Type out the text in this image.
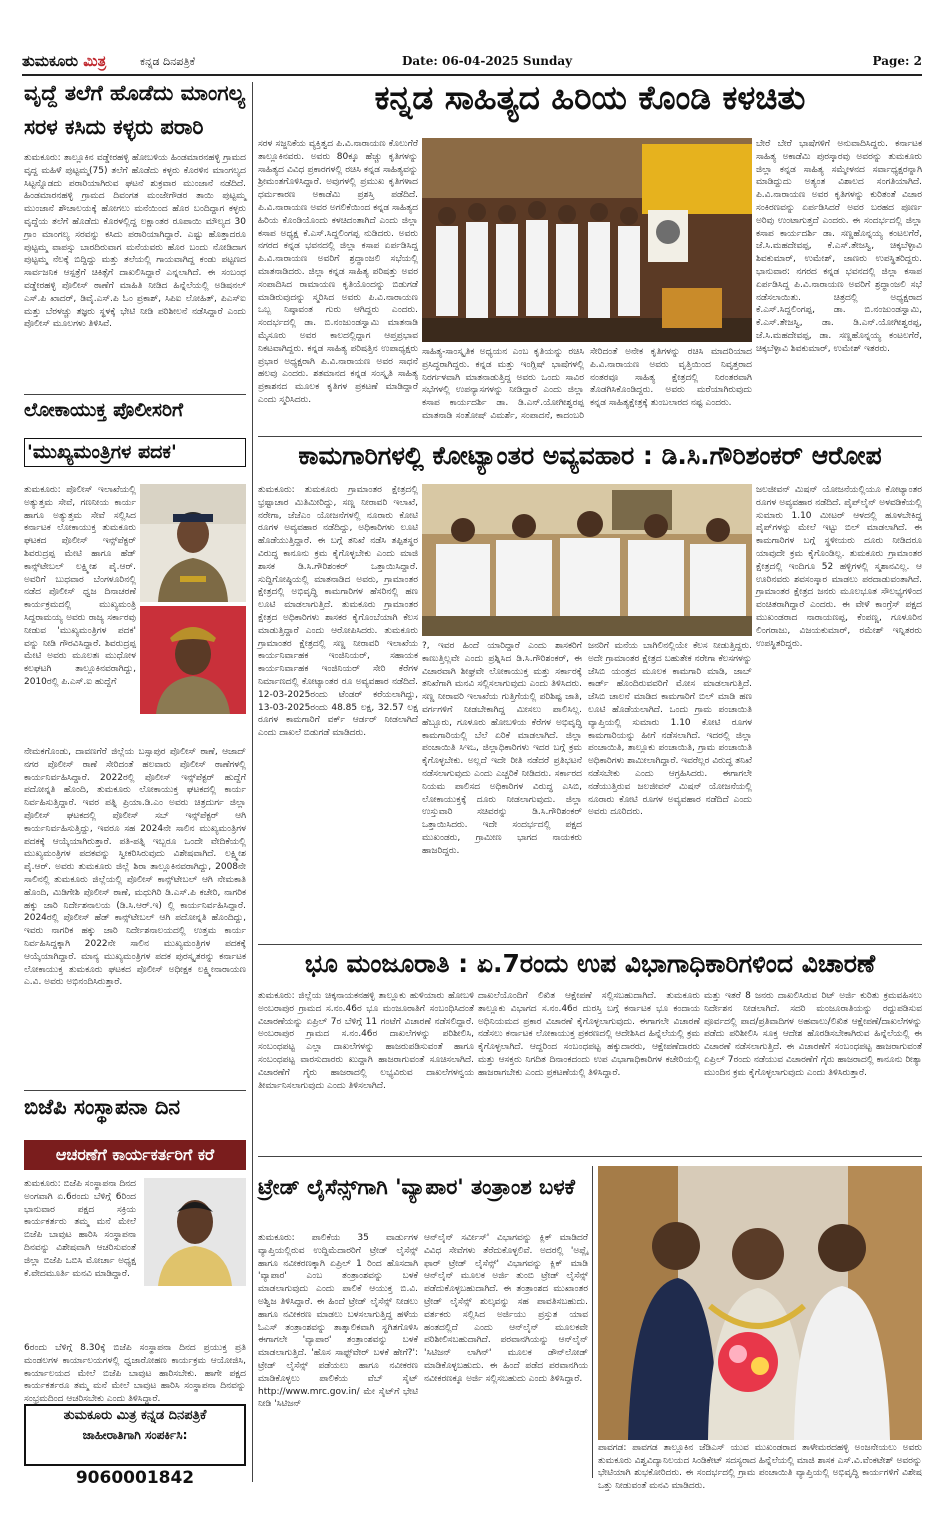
ತುಮಕೂರು ಮಿತ್ರ	ಕನ್ನಡ ದಿನಪತ್ರಿಕೆ	Date: 06-04-2025 Sunday	Page: 2
ವೃದ್ದೆ ತಲೆಗೆ ಹೊಡೆದು ಮಾಂಗಲ್ಯ
ಸರಳ ಕಸಿದು ಕಳ್ಳರು ಪರಾರಿ
ತುಮಕೂರು: ತಾಲ್ಲೂಕಿನ ವಡ್ಡೇರಹಳ್ಳಿ ಹೋಬಳಿಯ ಹಿಂಡಮಾರನಹಳ್ಳಿ ಗ್ರಾಮದ ವೃದ್ದ ಮಹಿಳೆ ಪುಟ್ಟಮ್ಮ(75) ತಲೆಗೆ ಹೊಡೆದು ಕಳ್ಳರು ಕೊರಳಿನ ಮಾಂಗಲ್ಯದ ಸಿಟ್ಟನ್ನೊಡದು ಪರಾರಿಯಾಗಿರುವ ಘಟನೆ ಶುಕ್ರವಾರ ಮುಂಜಾನೆ ನಡೆದಿದೆ. ಹಿಂಡಮಾರನಹಳ್ಳಿ ಗ್ರಾಮದ ದಿವಂಗತ ಮಂಜೇಗೌಡರ ತಾಯಿ ಪುಟ್ಟಮ್ಮ ಮುಂಜಾನೆ ಶೌಚಾಲಯಕ್ಕೆ ಹೋಗಲು ಮನೆಯಿಂದ ಹೊರ ಬಂದಿದ್ದಾಗ ಕಳ್ಳರು ವೃದ್ದೆಯ ತಲೆಗೆ ಹೊಡೆದು ಕೊರಳಲ್ಲಿದ್ದ ಲಕ್ಷಾಂತರ ರೂಪಾಯಿ ಮೌಲ್ಯದ 30 ಗ್ರಾಂ ಮಾಂಗಲ್ಯ ಸರವನ್ನು ಕಸಿದು ಪರಾರಿಯಾಗಿದ್ದಾರೆ. ಎಷ್ಟು ಹೊತ್ತಾದರೂ ಪುಟ್ಟಮ್ಮ ವಾಪಸ್ಸು ಬಾರದಿರುವಾಗ ಮನೆಯವರು ಹೊರ ಬಂದು ನೋಡಿದಾಗ ಪುಟ್ಟಮ್ಮ ನೆಲಕ್ಕೆ ಬಿದ್ದಿದ್ದು ಮತ್ತು ತಲೆಯಲ್ಲಿ ಗಾಯವಾಗಿದ್ದ ಕಂಡು ಪಟ್ಟಣದ ಸಾರ್ವಜನಿಕ ಆಸ್ಪತ್ರೆಗೆ ಚಿಕಿತ್ಸೆಗೆ ದಾಖಲಿಸಿದ್ದಾರೆ ಎನ್ನಲಾಗಿದೆ. ಈ ಸಂಬಂಧ ವಡ್ಡೇರಹಳ್ಳಿ ಪೊಲೀಸ್ ಠಾಣೆಗೆ ಮಾಹಿತಿ ನೀಡಿದ ಹಿನ್ನೆಲೆಯಲ್ಲಿ ಅಡಿಷನಲ್ ಎಸ್.ಪಿ ಖಾದರ್, ಡಿವೈ.ಎಸ್.ಪಿ ಓಂ ಪ್ರಕಾಶ್, ಸಿಪಿಐ ಲೋಹಿತ್, ಪಿಎಸ್ಐ ಮತ್ತು ಬೆರಳಚ್ಚು ತಜ್ಞರು ಸ್ಥಳಕ್ಕೆ ಭೇಟಿ ನೀಡಿ ಪರಿಶೀಲನೆ ನಡೆಸಿದ್ದಾರೆ ಎಂದು ಪೊಲೀಸ್ ಮೂಲಗಳು ತಿಳಿಸಿವೆ.
ಲೋಕಾಯುಕ್ತ ಪೊಲೀಸರಿಗೆ
'ಮುಖ್ಯಮಂತ್ರಿಗಳ ಪದಕ'
ತುಮಕೂರು: ಪೊಲೀಸ್ ಇಲಾಖೆಯಲ್ಲಿ ಅತ್ಯುತ್ತಮ ಸೇವೆ, ಗಣನೀಯ ಕಾರ್ಯ ಹಾಗೂ ಅತ್ಯುತ್ತಮ ಸೇವೆ ಸಲ್ಲಿಸಿದ ಕರ್ನಾಟಕ ಲೋಕಾಯುಕ್ತ ತುಮಕೂರು ಘಟಕದ ಪೊಲೀಸ್ ಇನ್ಸ್‌ಪೆಕ್ಟರ್ ಶಿವರುದ್ರಪ್ಪ ಮೇಟಿ ಹಾಗೂ ಹೆಡ್ ಕಾನ್ಸ್‌ಟೇಬಲ್ ಲಕ್ಷ್ಮೀಶ ಪೈ.ಆರ್. ಅವರಿಗೆ ಬುಧವಾರ ಬೆಂಗಳೂರಿನಲ್ಲಿ ನಡೆದ ಪೊಲೀಸ್ ಧ್ವಜ ದಿನಾಚರಣೆ ಕಾರ್ಯಕ್ರಮದಲ್ಲಿ ಮುಖ್ಯಮಂತ್ರಿ ಸಿದ್ದರಾಮಯ್ಯ ಅವರು ರಾಜ್ಯ ಸರ್ಕಾರವು ನೀಡುವ 'ಮುಖ್ಯಮಂತ್ರಿಗಳ ಪದಕ' ವನ್ನು ನೀಡಿ ಗೌರವಿಸಿದ್ದಾರೆ. ಶಿವರುದ್ರಪ್ಪ ಮೇಟಿ ಅವರು ಮೂಲತಃ ಮುಧೋಳ ಕಲಘಟಗಿ ತಾಲ್ಲೂಕಿನವರಾಗಿದ್ದು, 2010ರಲ್ಲಿ ಪಿ.ಎಸ್.ಐ ಹುದ್ದೆಗೆ
ನೇಮಕಗೊಂಡು, ದಾವಣಗೆರೆ ಜಿಲ್ಲೆಯ ಬಸ್ಸಾಪುರ ಪೊಲೀಸ್ ಠಾಣೆ, ಆಜಾದ್ ನಗರ ಪೊಲೀಸ್ ಠಾಣೆ ಸೇರಿದಂತೆ ಹಲವಾರು ಪೊಲೀಸ್ ಠಾಣೆಗಳಲ್ಲಿ ಕಾರ್ಯನಿರ್ವಹಿಸಿದ್ದಾರೆ. 2022ರಲ್ಲಿ ಪೊಲೀಸ್ ಇನ್ಸ್‌ಪೆಕ್ಟರ್ ಹುದ್ದೆಗೆ ಪದೋನ್ನತಿ ಹೊಂದಿ, ತುಮಕೂರು ಲೋಕಾಯುಕ್ತ ಘಟಕದಲ್ಲಿ ಕಾರ್ಯ ನಿರ್ವಹಿಸುತ್ತಿದ್ದಾರೆ. ಇವರ ಪತ್ನಿ ಪ್ರಿಯಾ.ಡಿ.ಎಂ ಅವರು ಚಿತ್ರದುರ್ಗ ಜಿಲ್ಲಾ ಪೊಲೀಸ್ ಘಟಕದಲ್ಲಿ ಪೊಲೀಸ್ ಸಬ್ ಇನ್ಸ್‌ಪೆಕ್ಟರ್ ಆಗಿ ಕಾರ್ಯನಿರ್ವಹಿಸುತ್ತಿದ್ದು, ಇವರೂ ಸಹ 2024ನೇ ಸಾಲಿನ ಮುಖ್ಯಮಂತ್ರಿಗಳ ಪದಕಕ್ಕೆ ಆಯ್ಕೆಯಾಗಿರುತ್ತಾರೆ. ಪತಿ-ಪತ್ನಿ ಇಬ್ಬರೂ ಒಂದೇ ವೇದಿಕೆಯಲ್ಲಿ ಮುಖ್ಯಮಂತ್ರಿಗಳ ಪದಕವನ್ನು ಸ್ವೀಕರಿಸಿರುವುದು ವಿಶೇಷವಾಗಿದೆ. ಲಕ್ಷ್ಮೀಶ ಪೈ.ಆರ್. ಅವರು ತುಮಕೂರು ಜಿಲ್ಲೆ ಶಿರಾ ತಾಲ್ಲೂಕಿನವರಾಗಿದ್ದು, 2008ನೇ ಸಾಲಿನಲ್ಲಿ ತುಮಕೂರು ಜಿಲ್ಲೆಯಲ್ಲಿ ಪೊಲೀಸ್ ಕಾನ್ಸ್‌ಟೇಬಲ್ ಆಗಿ ನೇಮಕಾತಿ ಹೊಂದಿ, ಮಿಡಿಗೇಶಿ ಪೊಲೀಸ್ ಠಾಣೆ, ಮಧುಗಿರಿ ಡಿ.ಎಸ್.ಪಿ ಕಚೇರಿ, ನಾಗರಿಕ ಹಕ್ಕು ಜಾರಿ ನಿರ್ದೇಶನಾಲಯ (ಡಿ.ಸಿ.ಆರ್.ಇ) ಲ್ಲಿ ಕಾರ್ಯನಿರ್ವಹಿಸಿದ್ದಾರೆ. 2024ರಲ್ಲಿ ಪೊಲೀಸ್ ಹೆಡ್ ಕಾನ್ಸ್‌ಟೇಬಲ್ ಆಗಿ ಪದೋನ್ನತಿ ಹೊಂದಿದ್ದು, ಇವರು ನಾಗರಿಕ ಹಕ್ಕು ಜಾರಿ ನಿರ್ದೇಶನಾಲಯದಲ್ಲಿ ಉತ್ತಮ ಕಾರ್ಯ ನಿರ್ವಹಿಸಿದ್ದಕ್ಕಾಗಿ 2022ನೇ ಸಾಲಿನ ಮುಖ್ಯಮಂತ್ರಿಗಳ ಪದಕಕ್ಕೆ ಆಯ್ಕೆಯಾಗಿದ್ದಾರೆ. ಮಾನ್ಯ ಮುಖ್ಯಮಂತ್ರಿಗಳ ಪದಕ ಪುರಸ್ಕೃತರನ್ನು ಕರ್ನಾಟಕ ಲೋಕಾಯುಕ್ತ ತುಮಕೂರು ಘಟಕದ ಪೊಲೀಸ್ ಅಧೀಕ್ಷಕ ಲಕ್ಷ್ಮೀನಾರಾಯಣ ಎ.ವಿ. ಅವರು ಅಭಿನಂದಿಸಿರುತ್ತಾರೆ.
ಬಿಜೆಪಿ ಸಂಸ್ಥಾಪನಾ ದಿನ
ಆಚರಣೆಗೆ ಕಾರ್ಯಕರ್ತರಿಗೆ ಕರೆ
ತುಮಕೂರು: ಬಿಜೆಪಿ ಸಂಸ್ಥಾಪನಾ ದಿನದ ಅಂಗವಾಗಿ ಏ.6ರಂದು ಬೆಳಿಗ್ಗೆ 6ರಿಂದ ಭಾನುವಾರ ಪಕ್ಷದ ಸಕ್ರಿಯ ಕಾರ್ಯಕರ್ತರು ತಮ್ಮ ಮನೆ ಮೇಲೆ ಬಿಜೆಪಿ ಬಾವುಟ ಹಾರಿಸಿ ಸಂಸ್ಥಾಪನಾ ದಿನವನ್ನು ವಿಶೇಷವಾಗಿ ಆಚರಿಸುವಂತೆ ಜಿಲ್ಲಾ ಬಿಜೆಪಿ ಒಬಿಸಿ ಮೋರ್ಚಾ ಅಧ್ಯಕ್ಷ ಕೆ.ವೇದಮೂರ್ತಿ ಮನವಿ ಮಾಡಿದ್ದಾರೆ.
6ರಂದು ಬೆಳಿಗ್ಗೆ 8.30ಕ್ಕೆ ಬಿಜೆಪಿ ಸಂಸ್ಥಾಪನಾ ದಿನದ ಪ್ರಯುಕ್ತ ಪ್ರತಿ ಮಂಡಲಗಳ ಕಾರ್ಯಾಲಯಗಳಲ್ಲಿ ಧ್ವಜಾರೋಹಣ ಕಾರ್ಯಕ್ರಮ ಆಯೋಜಿಸಿ, ಕಾರ್ಯಾಲಯದ ಮೇಲೆ ಬಿಜೆಪಿ ಬಾವುಟ ಹಾರಿಸಬೇಕು. ಹಾಗೇ ಪಕ್ಷದ ಕಾರ್ಯಕರ್ತರೂ ತಮ್ಮ ಮನೆ ಮೇಲೆ ಬಾವುಟ ಹಾರಿಸಿ ಸಂಸ್ಥಾಪನಾ ದಿನವನ್ನು ಸಂಭ್ರಮದಿಂದ ಆಚರಿಸಬೇಕು ಎಂದು ತಿಳಿಸಿದ್ದಾರೆ.
ತುಮಕೂರು ಮಿತ್ರ ಕನ್ನಡ ದಿನಪತ್ರಿಕೆ
ಜಾಹೀರಾತಿಗಾಗಿ ಸಂಪರ್ಕಿಸಿ:
9060001842
ಕನ್ನಡ ಸಾಹಿತ್ಯದ ಹಿರಿಯ ಕೊಂಡಿ ಕಳಚಿತು
ಸರಳ ಸಜ್ಜನಿಕೆಯ ವ್ಯಕ್ತಿತ್ವದ ಪಿ.ವಿ.ನಾರಾಯಣ ಕೊಲುಗೆರೆ ತಾಲ್ಲೂಕಿನವರು. ಅವರು 80ಕ್ಕೂ ಹೆಚ್ಚು ಕೃತಿಗಳನ್ನು ಸಾಹಿತ್ಯದ ವಿವಿಧ ಪ್ರಕಾರಗಳಲ್ಲಿ ರಚಿಸಿ ಕನ್ನಡ ಸಾಹಿತ್ಯವನ್ನು ಶ್ರೀಮಂತಗೊಳಿಸಿದ್ದಾರೆ. ಅವುಗಳಲ್ಲಿ ಪ್ರಮುಖ ಕೃತಿಗಳಾದ ಧರ್ಮಕಾರಣ ಅಕಾಡೆಮಿ ಪ್ರಶಸ್ತಿ ಪಡೆದಿದೆ. ಪಿ.ವಿ.ನಾರಾಯಣ ಅವರ ಅಗಲಿಕೆಯಿಂದ ಕನ್ನಡ ಸಾಹಿತ್ಯದ ಹಿರಿಯ ಕೊಂಡಿಯೊಂದು ಕಳಚಿದಂತಾಗಿದೆ ಎಂದು ಜಿಲ್ಲಾ ಕಸಾಪ ಅಧ್ಯಕ್ಷ ಕೆ.ಎಸ್.ಸಿದ್ದಲಿಂಗಪ್ಪ ನುಡಿದರು. ಅವರು ನಗರದ ಕನ್ನಡ ಭವನದಲ್ಲಿ ಜಿಲ್ಲಾ ಕಸಾಪ ಏರ್ಪಡಿಸಿದ್ದ ಪಿ.ವಿ.ನಾರಾಯಣ ಅವರಿಗೆ ಶ್ರದ್ಧಾಂಜಲಿ ಸಭೆಯಲ್ಲಿ ಮಾತನಾಡಿದರು. ಜಿಲ್ಲಾ ಕನ್ನಡ ಸಾಹಿತ್ಯ ಪರಿಷತ್ತು ಅವರ ಸಂಪಾದಿಸಿದ ರಾಮಾಯಣ ಕೃತಿಯೊಂದನ್ನು ಬಿಡುಗಡೆ ಮಾಡಿರುವುದನ್ನು ಸ್ಮರಿಸಿದ ಅವರು ಪಿ.ವಿ.ನಾರಾಯಣ ಒಬ್ಬ ನಿಷ್ಠಾವಂತ ಗುರು ಆಗಿದ್ದರು ಎಂದರು. ಸಂದರ್ಭದಲ್ಲಿ ಡಾ. ಬಿ.ನಂಜುಂಡಸ್ವಾಮಿ ಮಾತನಾಡಿ ಮೈಸೂರು ಅವರ ಕಾಲದಲ್ಲಿದ್ದಾಗ ಆಪ್ತಪ್ರಭಾವ ನಿಕಟವಾಗಿದ್ದರು. ಕನ್ನಡ ಸಾಹಿತ್ಯ ಪರಿಷತ್ತಿನ ಉಪಾಧ್ಯಕ್ಷರು ಪ್ರಭಾರ ಅಧ್ಯಕ್ಷರಾಗಿ ಪಿ.ವಿ.ನಾರಾಯಣ ಅವರ ಸಾಧನೆ ಹಲವು ಎಂದರು. ಶತಮಾನದ ಕನ್ನಡ ಸಂಸ್ಕೃತಿ ಸಾಹಿತ್ಯ ಪ್ರಕಾಶನದ ಮೂಲಕ ಕೃತಿಗಳ ಪ್ರಕಟಣೆ ಮಾಡಿದ್ದಾರೆ ಎಂದು ಸ್ಮರಿಸಿದರು.
ಸಾಹಿತ್ಯ-ಸಾಂಸ್ಕೃತಿಕ ಅಧ್ಯಯನ ಎಂಬ ಕೃತಿಯನ್ನು ರಚಿಸಿ ಪ್ರಸಿದ್ಧರಾಗಿದ್ದರು. ಕನ್ನಡ ಮತ್ತು ಇಂಗ್ಲಿಷ್ ಭಾಷೆಗಳಲ್ಲಿ ನಿರರ್ಗಳವಾಗಿ ಮಾತನಾಡುತ್ತಿದ್ದ ಅವರು ಒಂದು ಸಾವಿರ ಸಭೆಗಳಲ್ಲಿ ಉಪನ್ಯಾಸಗಳನ್ನು ನೀಡಿದ್ದಾರೆ ಎಂದು ಜಿಲ್ಲಾ ಕಸಾಪ ಕಾರ್ಯದರ್ಶಿ ಡಾ. ಡಿ.ಎನ್.ಯೋಗೀಶ್ವರಪ್ಪ ಮಾತನಾಡಿ ಸಂತೋಷ್ ವಿಮರ್ಶೆ, ಸಂಪಾದನೆ, ಕಾದಂಬರಿ ಸೇರಿದಂತೆ ಅನೇಕ ಕೃತಿಗಳನ್ನು ರಚಿಸಿ ಮಾದರಿಯಾದ ಪಿ.ವಿ.ನಾರಾಯಣ ಅವರು ವೃತ್ತಿಯಿಂದ ನಿವೃತ್ತರಾದ ನಂತರವೂ ಸಾಹಿತ್ಯ ಕ್ಷೇತ್ರದಲ್ಲಿ ನಿರಂತರವಾಗಿ ತೊಡಗಿಸಿಕೊಂಡಿದ್ದರು. ಅವರು ಮರೆಯಾಗಿರುವುದು ಕನ್ನಡ ಸಾಹಿತ್ಯಕ್ಷೇತ್ರಕ್ಕೆ ತುಂಬಲಾರದ ನಷ್ಟ ಎಂದರು.
ಬೇರೆ ಬೇರೆ ಭಾಷೆಗಳಿಗೆ ಅನುವಾದಿಸಿದ್ದರು. ಕರ್ನಾಟಕ ಸಾಹಿತ್ಯ ಅಕಾಡೆಮಿ ಪುರಸ್ಕಾರವು ಅವರನ್ನು ತುಮಕೂರು ಜಿಲ್ಲಾ ಕನ್ನಡ ಸಾಹಿತ್ಯ ಸಮ್ಮೇಳನದ ಸರ್ವಾಧ್ಯಕ್ಷರನ್ನಾಗಿ ಮಾಡಿದ್ದುದು ಅತ್ಯಂತ ವಿಶಾಲದ ಸಂಗತಿಯಾಗಿದೆ. ಪಿ.ವಿ.ನಾರಾಯಣ ಅವರ ಕೃತಿಗಳನ್ನು ಕುರಿತಂತೆ ವಿಚಾರ ಸಂಕಿರಣವನ್ನು ಏರ್ಪಡಿಸಿದರೆ ಅವರ ಬರಹದ ಪೂರ್ಣ ಅರಿವು ಉಂಟಾಗುತ್ತದೆ ಎಂದರು. ಈ ಸಂದರ್ಭದಲ್ಲಿ ಜಿಲ್ಲಾ ಕಸಾಪ ಕಾರ್ಯದರ್ಶಿ ಡಾ. ಸಣ್ಣಹೊನ್ನಯ್ಯ ಕಂಟಲಗೆರೆ, ಜೆ.ಸಿ.ಮಹದೇವಪ್ಪ, ಕೆ.ಎಸ್.ತೇಜಸ್ವಿ, ಚಿಕ್ಕಬೆಳ್ಳಾವಿ ಶಿವಕುಮಾರ್, ಉಮೇಶ್, ಜಾಣರು ಉಪಸ್ಥಿತರಿದ್ದರು. ಭಾನುವಾರ: ನಗರದ ಕನ್ನಡ ಭವನದಲ್ಲಿ ಜಿಲ್ಲಾ ಕಸಾಪ ಏರ್ಪಡಿಸಿದ್ದ ಪಿ.ವಿ.ನಾರಾಯಣ ಅವರಿಗೆ ಶ್ರದ್ಧಾಂಜಲಿ ಸಭೆ ನಡೆಸಲಾಯಿತು. ಚಿತ್ರದಲ್ಲಿ ಅಧ್ಯಕ್ಷರಾದ ಕೆ.ಎಸ್.ಸಿದ್ದಲಿಂಗಪ್ಪ, ಡಾ. ಬಿ.ನಂಜುಂಡಸ್ವಾಮಿ, ಕೆ.ಎಸ್.ತೇಜಸ್ವಿ, ಡಾ. ಡಿ.ಎನ್.ಯೋಗೀಶ್ವರಪ್ಪ, ಜೆ.ಸಿ.ಮಹದೇವಪ್ಪ, ಡಾ. ಸಣ್ಣಹೊನ್ನಯ್ಯ ಕಂಟಲಗೆರೆ, ಚಿಕ್ಕಬೆಳ್ಳಾವಿ ಶಿವಕುಮಾರ್, ಉಮೇಶ್ ಇತರರು.
ಕಾಮಗಾರಿಗಳಲ್ಲಿ ಕೋಟ್ಯಾಂತರ ಅವ್ಯವಹಾರ : ಡಿ.ಸಿ.ಗೌರಿಶಂಕರ್ ಆರೋಪ
ತುಮಕೂರು: ತುಮಕೂರು ಗ್ರಾಮಾಂತರ ಕ್ಷೇತ್ರದಲ್ಲಿ ಭ್ರಷ್ಟಾಚಾರ ಮಿತಿಮೀರಿದ್ದು, ಸಣ್ಣ ನೀರಾವರಿ ಇಲಾಖೆ, ನರೇಗಾ, ಜೆಜೆಎಂ ಯೋಜನೆಗಳಲ್ಲಿ ನೂರಾರು ಕೋಟಿ ರೂಗಳ ಅವ್ಯವಹಾರ ನಡೆದಿದ್ದು, ಅಧಿಕಾರಿಗಳು ಲೂಟಿ ಹೊಡೆಯುತ್ತಿದ್ದಾರೆ. ಈ ಬಗ್ಗೆ ತನಿಖೆ ನಡೆಸಿ ತಪ್ಪಿತಸ್ಥರ ವಿರುದ್ಧ ಕಾನೂನು ಕ್ರಮ ಕೈಗೊಳ್ಳಬೇಕು ಎಂದು ಮಾಜಿ ಶಾಸಕ ಡಿ.ಸಿ.ಗೌರಿಶಂಕರ್ ಒತ್ತಾಯಿಸಿದ್ದಾರೆ. ಸುದ್ದಿಗೋಷ್ಠಿಯಲ್ಲಿ ಮಾತನಾಡಿದ ಅವರು, ಗ್ರಾಮಾಂತರ ಕ್ಷೇತ್ರದಲ್ಲಿ ಅಭಿವೃದ್ಧಿ ಕಾಮಗಾರಿಗಳ ಹೆಸರಿನಲ್ಲಿ ಹಣ ಲೂಟಿ ಮಾಡಲಾಗುತ್ತಿದೆ. ತುಮಕೂರು ಗ್ರಾಮಾಂತರ ಕ್ಷೇತ್ರದ ಅಧಿಕಾರಿಗಳು ಶಾಸಕರ ಕೈಗೊಂಬೆಯಾಗಿ ಕೆಲಸ ಮಾಡುತ್ತಿದ್ದಾರೆ ಎಂದು ಆರೋಪಿಸಿದರು. ತುಮಕೂರು ಗ್ರಾಮಾಂತರ ಕ್ಷೇತ್ರದಲ್ಲಿ ಸಣ್ಣ ನೀರಾವರಿ ಇಲಾಖೆಯ ಕಾರ್ಯನಿರ್ವಾಹಕ ಇಂಜಿನಿಯರ್, ಸಹಾಯಕ ಕಾರ್ಯನಿರ್ವಾಹಕ ಇಂಜಿನಿಯರ್ ಸೇರಿ ಕೆರೆಗಳ ನಿರ್ಮಾಣದಲ್ಲಿ ಕೋಟ್ಯಾಂತರ ರೂ ಅವ್ಯವಹಾರ ನಡೆದಿದೆ. 12-03-2025ರಂದು ಟೆಂಡರ್ ಕರೆಯಲಾಗಿದ್ದು, 13-03-2025ರಂದು 48.85 ಲಕ್ಷ, 32.57 ಲಕ್ಷ ರೂಗಳ ಕಾಮಗಾರಿಗೆ ವರ್ಕ್ ಆರ್ಡರ್ ನೀಡಲಾಗಿದೆ ಎಂದು ದಾಖಲೆ ಬಿಡುಗಡೆ ಮಾಡಿದರು.
?, ಇವರ ಹಿಂದೆ ಯಾರಿದ್ದಾರೆ ಎಂದು ಶಾಸಕರಿಗೆ ಕಾಣುತ್ತಿಲ್ಲವೇ ಎಂದು ಪ್ರಶ್ನಿಸಿದ ಡಿ.ಸಿ.ಗೌರಿಶಂಕರ್, ಈ ವಿಚಾರವಾಗಿ ಶೀಘ್ರವೇ ಲೋಕಾಯುಕ್ತ ಮತ್ತು ಸರ್ಕಾರಕ್ಕೆ ತನಿಖೆಗಾಗಿ ಮನವಿ ಸಲ್ಲಿಸಲಾಗುವುದು ಎಂದು ತಿಳಿಸಿದರು. ಸಣ್ಣ ನೀರಾವರಿ ಇಲಾಖೆಯ ಗುತ್ತಿಗೆಯಲ್ಲಿ ಪರಿಶಿಷ್ಟ ಜಾತಿ, ವರ್ಗಗಳಿಗೆ ನೀಡಬೇಕಾಗಿದ್ದ ಮೀಸಲು ಪಾಲಿಸಿಲ್ಲ. ಹೆಬ್ಬೂರು, ಗೂಳೂರು ಹೋಬಳಿಯ ಕೆರೆಗಳ ಅಭಿವೃದ್ಧಿ ಕಾಮಗಾರಿಯಲ್ಲಿ ಬೆಲೆ ಏರಿಕೆ ಮಾಡಲಾಗಿದೆ. ಜಿಲ್ಲಾ ಪಂಚಾಯಿತಿ ಸಿಇಒ, ಜಿಲ್ಲಾಧಿಕಾರಿಗಳು ಇದರ ಬಗ್ಗೆ ಕ್ರಮ ಕೈಗೊಳ್ಳಬೇಕು. ಅಲ್ಲದೆ ಇದೇ ರೀತಿ ನಡೆದರೆ ಪ್ರತಿಭಟನೆ ನಡೆಸಲಾಗುವುದು ಎಂದು ಎಚ್ಚರಿಕೆ ನೀಡಿದರು. ಸರ್ಕಾರದ ನಿಯಮ ಪಾಲಿಸದ ಅಧಿಕಾರಿಗಳ ವಿರುದ್ಧ ಎಸಿಬಿ, ಲೋಕಾಯುಕ್ತಕ್ಕೆ ದೂರು ನೀಡಲಾಗುವುದು. ಜಿಲ್ಲಾ ಉಸ್ತುವಾರಿ ಸಚಿವರನ್ನು ಡಿ.ಸಿ.ಗೌರಿಶಂಕರ್ ಒತ್ತಾಯಿಸಿದರು. ಇದೇ ಸಂದರ್ಭದಲ್ಲಿ ಪಕ್ಷದ ಮುಖಂಡರು, ಗ್ರಾಮೀಣ ಭಾಗದ ನಾಯಕರು ಹಾಜರಿದ್ದರು.
ಜನರಿಗೆ ಮನೆಯ ಬಾಗಿಲಿನಲ್ಲಿಯೇ ಕೆಲಸ ನೀಡುತ್ತಿದ್ದರು. ಅದೇ ಗ್ರಾಮಾಂತರ ಕ್ಷೇತ್ರದ ಬಹುತೇಕ ನರೇಗಾ ಕೆಲಸಗಳನ್ನು ಜೆಸಿಬಿ ಯಂತ್ರದ ಮೂಲಕ ಕಾಮಗಾರಿ ಮಾಡಿ, ಜಾಬ್ ಕಾರ್ಡ್ ಹೊಂದಿರುವವರಿಗೆ ಮೋಸ ಮಾಡಲಾಗುತ್ತಿದೆ. ಜೆಸಿಬಿ ಚಾಲನೆ ಮಾಡಿದ ಕಾಮಗಾರಿಗೆ ಬಿಲ್ ಮಾಡಿ ಹಣ ಲೂಟಿ ಹೊಡೆಯಲಾಗಿದೆ. ಒಂದು ಗ್ರಾಮ ಪಂಚಾಯಿತಿ ವ್ಯಾಪ್ತಿಯಲ್ಲಿ ಸುಮಾರು 1.10 ಕೋಟಿ ರೂಗಳ ಕಾಮಗಾರಿಯನ್ನು ಹೀಗೆ ನಡೆಸಲಾಗಿದೆ. ಇದರಲ್ಲಿ ಜಿಲ್ಲಾ ಪಂಚಾಯಿತಿ, ತಾಲ್ಲೂಕು ಪಂಚಾಯಿತಿ, ಗ್ರಾಮ ಪಂಚಾಯಿತಿ ಅಧಿಕಾರಿಗಳು ಶಾಮೀಲಾಗಿದ್ದಾರೆ. ಇವರೆಲ್ಲರ ವಿರುದ್ಧ ತನಿಖೆ ನಡೆಸಬೇಕು ಎಂದು ಆಗ್ರಹಿಸಿದರು. ಈಗಾಗಲೇ ನಡೆಯುತ್ತಿರುವ ಜಲಜೀವನ್ ಮಿಷನ್ ಯೋಜನೆಯಲ್ಲಿ ನೂರಾರು ಕೋಟಿ ರೂಗಳ ಅವ್ಯವಹಾರ ನಡೆದಿದೆ ಎಂದು ಅವರು ದೂರಿದರು.
ಜಲಜೀವನ್ ಮಿಷನ್ ಯೋಜನೆಯಲ್ಲಿಯೂ ಕೋಟ್ಯಾಂತರ ರೂಗಳ ಅವ್ಯವಹಾರ ನಡೆದಿದೆ. ಪೈಪ್‌ಲೈನ್ ಅಳವಡಿಕೆಯಲ್ಲಿ ಸುಮಾರು 1.10 ಮೀಟರ್ ಆಳದಲ್ಲಿ ಹೂಳಬೇಕಿದ್ದ ಪೈಪ್‌ಗಳನ್ನು ಮೇಲೆ ಇಟ್ಟು ಬಿಲ್ ಮಾಡಲಾಗಿದೆ. ಈ ಕಾಮಗಾರಿಗಳ ಬಗ್ಗೆ ಸ್ಥಳೀಯರು ದೂರು ನೀಡಿದರೂ ಯಾವುದೇ ಕ್ರಮ ಕೈಗೊಂಡಿಲ್ಲ. ತುಮಕೂರು ಗ್ರಾಮಾಂತರ ಕ್ಷೇತ್ರದಲ್ಲಿ ಇಂದಿಗೂ 52 ಹಳ್ಳಿಗಳಲ್ಲಿ ಸ್ಮಶಾನವಿಲ್ಲ. ಆ ಊರಿನವರು ಶವಸಂಸ್ಕಾರ ಮಾಡಲು ಪರದಾಡುವಂತಾಗಿದೆ. ಗ್ರಾಮಾಂತರ ಕ್ಷೇತ್ರದ ಜನರು ಮೂಲಭೂತ ಸೌಲಭ್ಯಗಳಿಂದ ವಂಚಿತರಾಗಿದ್ದಾರೆ ಎಂದರು. ಈ ವೇಳೆ ಕಾಂಗ್ರೆಸ್ ಪಕ್ಷದ ಮುಖಂಡರಾದ ನಾರಾಯಣಪ್ಪ, ಕೆಂಪಣ್ಣ, ಗೂಳೂರಿನ ಲಿಂಗರಾಜು, ವಿಜಯಕುಮಾರ್, ರಮೇಶ್ ಇನ್ನಿತರರು ಉಪಸ್ಥಿತರಿದ್ದರು.
ಭೂ ಮಂಜೂರಾತಿ : ಏ.7ರಂದು ಉಪ ವಿಭಾಗಾಧಿಕಾರಿಗಳಿಂದ ವಿಚಾರಣೆ
ತುಮಕೂರು: ಜಿಲ್ಲೆಯ ಚಿಕ್ಕನಾಯಕನಹಳ್ಳಿ ತಾಲ್ಲೂಕು ಹುಳಿಯಾರು ಹೋಬಳಿ ಅಂಬರಾಪುರ ಗ್ರಾಮದ ಸ.ನಂ.46ರ ಭೂ ಮಂಜೂರಾತಿಗೆ ಸಂಬಂಧಿಸಿದಂತೆ ವಿಚಾರಣೆಯನ್ನು ಏಪ್ರಿಲ್ 7ರ ಬೆಳಿಗ್ಗೆ 11 ಗಂಟೆಗೆ ವಿಚಾರಣೆ ನಡೆಸಲಿದ್ದಾರೆ. ಅಂಬರಾಪುರ ಗ್ರಾಮದ ಸ.ನಂ.46ರ ದಾಖಲೆಗಳನ್ನು ಪರಿಶೀಲಿಸಿ, ಸಂಬಂಧಪಟ್ಟ ಎಲ್ಲಾ ದಾಖಲೆಗಳನ್ನು ಹಾಜರುಪಡಿಸುವಂತೆ ಹಾಗೂ ಸಂಬಂಧಪಟ್ಟ ವಾರಸುದಾರರು ಖುದ್ದಾಗಿ ಹಾಜರಾಗುವಂತೆ ಸೂಚಿಸಲಾಗಿದೆ. ವಿಚಾರಣೆಗೆ ಗೈರು ಹಾಜರಾದಲ್ಲಿ ಲಭ್ಯವಿರುವ ದಾಖಲೆಗಳನ್ವಯ ತೀರ್ಮಾನಿಸಲಾಗುವುದು ಎಂದು ತಿಳಿಸಲಾಗಿದೆ.
ದಾಖಲೆಯೊಂದಿಗೆ ಲಿಖಿತ ಆಕ್ಷೇಪಣೆ ಸಲ್ಲಿಸಬಹುದಾಗಿದೆ. ತುಮಕೂರು ತಾಲ್ಲೂಕು ವಿಭಾಗದ ಸ.ನಂ.46ರ ದುರಸ್ತಿ ಬಗ್ಗೆ ಕರ್ನಾಟಕ ಭೂ ಕಂದಾಯ ಅಧಿನಿಯಮದ ಪ್ರಕಾರ ವಿಚಾರಣೆ ಕೈಗೊಳ್ಳಲಾಗುವುದು. ಈಗಾಗಲೇ ವಿಚಾರಣೆ ನಡೆಸಲು ಕರ್ನಾಟಕ ಲೋಕಾಯುಕ್ತ ಪ್ರಕರಣದಲ್ಲಿ ಆದೇಶಿಸಿದ ಹಿನ್ನೆಲೆಯಲ್ಲಿ ಕ್ರಮ ಕೈಗೊಳ್ಳಲಾಗಿದೆ. ಆದ್ದರಿಂದ ಸಂಬಂಧಪಟ್ಟ ಹಕ್ಕುದಾರರು, ಆಕ್ಷೇಪಣೆದಾರರು ಮತ್ತು ಆಸಕ್ತರು ನಿಗದಿತ ದಿನಾಂಕದಂದು ಉಪ ವಿಭಾಗಾಧಿಕಾರಿಗಳ ಕಚೇರಿಯಲ್ಲಿ ಹಾಜರಾಗಬೇಕು ಎಂದು ಪ್ರಕಟಣೆಯಲ್ಲಿ ತಿಳಿಸಿದ್ದಾರೆ.
ಮತ್ತು ಇತರೆ 8 ಜನರು ದಾಖಲಿಸಿರುವ ರಿಟ್ ಅರ್ಜಿ ಕುರಿತು ಕ್ರಮವಹಿಸಲು ನಿರ್ದೇಶನ ನೀಡಲಾಗಿದೆ. ಸದರಿ ಮಂಜೂರಾತಿಯನ್ನು ರದ್ದುಪಡಿಸುವ ಪೂರ್ವದಲ್ಲಿ ಪಾದ/ಪ್ರತಿವಾದಿಗಳ ಅಹವಾಲು/ಲಿಖಿತ ಆಕ್ಷೇಪಣೆ/ದಾಖಲೆಗಳನ್ನು ಪಡೆದು ಪರಿಶೀಲಿಸಿ ಸೂಕ್ತ ಆದೇಶ ಹೊರಡಿಸಬೇಕಾಗಿರುವ ಹಿನ್ನೆಲೆಯಲ್ಲಿ ಈ ವಿಚಾರಣೆ ನಡೆಸಲಾಗುತ್ತಿದೆ. ಈ ವಿಚಾರಣೆಗೆ ಸಂಬಂಧಪಟ್ಟ ಹಾಜರಾಗುವಂತೆ ಏಪ್ರಿಲ್ 7ರಂದು ನಡೆಯುವ ವಿಚಾರಣೆಗೆ ಗೈರು ಹಾಜರಾದಲ್ಲಿ ಕಾನೂನು ರೀತ್ಯಾ ಮುಂದಿನ ಕ್ರಮ ಕೈಗೊಳ್ಳಲಾಗುವುದು ಎಂದು ತಿಳಿಸಿರುತ್ತಾರೆ.
ಟ್ರೇಡ್ ಲೈಸೆನ್ಸ್‌ಗಾಗಿ 'ವ್ಯಾಪಾರ' ತಂತ್ರಾಂಶ ಬಳಕೆ
ತುಮಕೂರು: ಪಾಲಿಕೆಯ 35 ವಾರ್ಡುಗಳ ವ್ಯಾಪ್ತಿಯಲ್ಲಿರುವ ಉದ್ದಿಮೆದಾರರಿಗೆ ಟ್ರೇಡ್ ಲೈಸೆನ್ಸ್ ಹಾಗೂ ನವೀಕರಣಕ್ಕಾಗಿ ಏಪ್ರಿಲ್ 1 ರಿಂದ ಹೊಸದಾಗಿ 'ವ್ಯಾಪಾರ' ಎಂಬ ತಂತ್ರಾಂಶವನ್ನು ಬಳಕೆ ಮಾಡಲಾಗುವುದು ಎಂದು ಪಾಲಿಕೆ ಆಯುಕ್ತ ಬಿ.ವಿ. ಅಶ್ವಿಜ ತಿಳಿಸಿದ್ದಾರೆ. ಈ ಹಿಂದೆ ಟ್ರೇಡ್ ಲೈಸೆನ್ಸ್ ನೀಡಲು ಹಾಗೂ ನವೀಕರಣ ಮಾಡಲು ಬಳಸಲಾಗುತ್ತಿದ್ದ ಹಳೆಯ ಓಎಸ್ ತಂತ್ರಾಂಶವನ್ನು ತಾತ್ಕಾಲಿಕವಾಗಿ ಸ್ಥಗಿತಗೊಳಿಸಿ ಈಗಾಗಲೇ 'ವ್ಯಾಪಾರ' ತಂತ್ರಾಂಶವನ್ನು ಬಳಕೆ ಮಾಡಲಾಗುತ್ತಿದೆ. 'ಹೊಸ ಸಾಫ್ಟ್‌ವೇರ್ ಬಳಕೆ ಹೇಗೆ?': ಟ್ರೇಡ್ ಲೈಸೆನ್ಸ್ ಪಡೆಯಲು ಹಾಗೂ ನವೀಕರಣ ಮಾಡಿಕೊಳ್ಳಲು ಪಾಲಿಕೆಯ ವೆಬ್ ಸೈಟ್ http://www.mrc.gov.in/ ಮೇ ಸೈಟ್‌ಗೆ ಭೇಟಿ ನೀಡಿ 'ಸಿಟಿಜನ್
ಆನ್‌ಲೈನ್ ಸರ್ವೀಸ್' ವಿಭಾಗವನ್ನು ಕ್ಲಿಕ್ ಮಾಡಿದರೆ ವಿವಿಧ ಸೇವೆಗಳು ತೆರೆದುಕೊಳ್ಳಲಿವೆ. ಅದರಲ್ಲಿ 'ಅಪ್ಲೈ ಫಾರ್ ಟ್ರೇಡ್ ಲೈಸೆನ್ಸ್' ವಿಭಾಗವನ್ನು ಕ್ಲಿಕ್ ಮಾಡಿ ಆನ್‌ಲೈನ್ ಮೂಲಕ ಅರ್ಜಿ ತುಂಬಿ ಟ್ರೇಡ್ ಲೈಸೆನ್ಸ್ ಪಡೆದುಕೊಳ್ಳಬಹುದಾಗಿದೆ. ಈ ತಂತ್ರಾಂಶದ ಮುಖಾಂತರ ಟ್ರೇಡ್ ಲೈಸೆನ್ಸ್ ಶುಲ್ಕವನ್ನು ಸಹ ಪಾವತಿಸಬಹುದು. ವರ್ತಕರು ಸಲ್ಲಿಸಿದ ಅರ್ಜಿಯು ಪ್ರಸ್ತುತ ಯಾವ ಹಂತದಲ್ಲಿದೆ ಎಂದು ಆನ್‌ಲೈನ್ ಮೂಲಕವೇ ಪರಿಶೀಲಿಸಬಹುದಾಗಿದೆ. ಪರವಾನಗಿಯನ್ನು ಆನ್‌ಲೈನ್ 'ಸಿಟಿಜನ್ ಲಾಗಿನ್' ಮೂಲಕ ಡೌನ್‌ಲೋಡ್ ಮಾಡಿಕೊಳ್ಳಬಹುದು. ಈ ಹಿಂದೆ ಪಡೆದ ಪರವಾನಗಿಯ ನವೀಕರಣಕ್ಕೂ ಅರ್ಜಿ ಸಲ್ಲಿಸಬಹುದು ಎಂದು ತಿಳಿಸಿದ್ದಾರೆ.
ಪಾವಗಡ: ಪಾವಗಡ ತಾಲ್ಲೂಕಿನ ಜೆಡಿಎಸ್ ಯುವ ಮುಖಂಡರಾದ ತಾಳೇಮರದಹಳ್ಳಿ ಅಂಜನೇಯಲು ಅವರು ತುಮಕೂರು ವಿಶ್ವವಿದ್ಯಾನಿಲಯದ ಸಿಂಡಿಕೇಟ್ ಸದಸ್ಯರಾದ ಹಿನ್ನೆಲೆಯಲ್ಲಿ ಮಾಜಿ ಶಾಸಕ ಎಸ್.ವಿ.ವೆಂಕಟೇಶ್ ಅವರನ್ನು ಭೇಟಿಯಾಗಿ ಶುಭಕೋರಿದರು. ಈ ಸಂದರ್ಭದಲ್ಲಿ ಗ್ರಾಮ ಪಂಚಾಯಿತಿ ವ್ಯಾಪ್ತಿಯಲ್ಲಿ ಅಭಿವೃದ್ಧಿ ಕಾರ್ಯಗಳಿಗೆ ವಿಶೇಷ ಒತ್ತು ನೀಡುವಂತೆ ಮನವಿ ಮಾಡಿದರು.
